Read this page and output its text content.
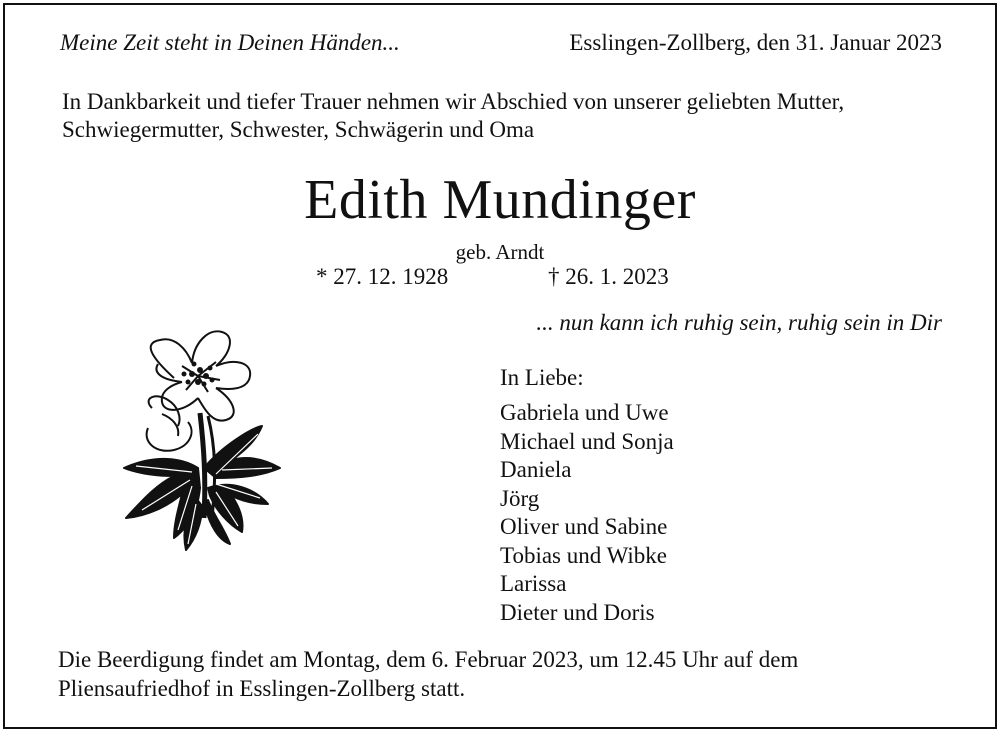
Meine Zeit steht in Deinen Händen...	Esslingen-Zollberg, den 31. Januar 2023
In Dankbarkeit und tiefer Trauer nehmen wir Abschied von unserer geliebten Mutter,
Schwiegermutter, Schwester, Schwägerin und Oma
Edith Mundinger
geb. Arndt
* 27. 12. 1928	† 26. 1. 2023
... nun kann ich ruhig sein, ruhig sein in Dir
In Liebe:
Gabriela und Uwe
Michael und Sonja
Daniela
Jörg
Oliver und Sabine
Tobias und Wibke
Larissa
Dieter und Doris
Die Beerdigung findet am Montag, dem 6. Februar 2023, um 12.45 Uhr auf dem
Pliensaufriedhof in Esslingen-Zollberg statt.
